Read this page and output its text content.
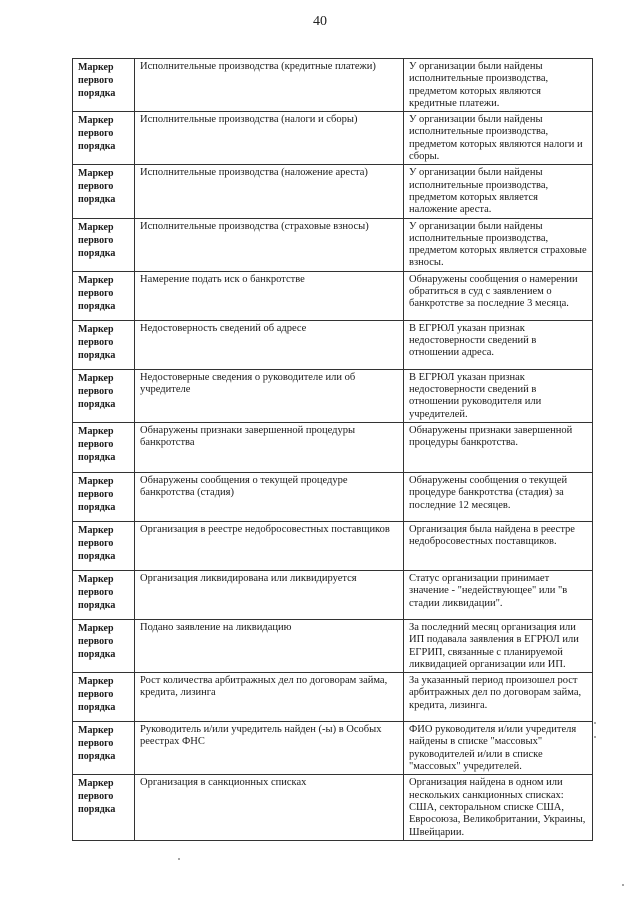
40
Маркер первого порядка	Исполнительные производства (кредитные платежи)	У организации были найдены исполнительные производства, предметом которых являются кредитные платежи.
Маркер первого порядка	Исполнительные производства (налоги и сборы)	У организации были найдены исполнительные производства, предметом которых являются налоги и сборы.
Маркер первого порядка	Исполнительные производства (наложение ареста)	У организации были найдены исполнительные производства, предметом которых является наложение ареста.
Маркер первого порядка	Исполнительные производства (страховые взносы)	У организации были найдены исполнительные производства, предметом которых является страховые взносы.
Маркер первого порядка	Намерение подать иск о банкротстве	Обнаружены сообщения о намерении обратиться в суд с заявлением о банкротстве за последние 3 месяца.
Маркер первого порядка	Недостоверность сведений об адресе	В ЕГРЮЛ указан признак недостоверности сведений в отношении адреса.
Маркер первого порядка	Недостоверные сведения о руководителе или об учредителе	В ЕГРЮЛ указан признак недостоверности сведений в отношении руководителя или учредителей.
Маркер первого порядка	Обнаружены признаки завершенной процедуры банкротства	Обнаружены признаки завершенной процедуры банкротства.
Маркер первого порядка	Обнаружены сообщения о текущей процедуре банкротства (стадия)	Обнаружены сообщения о текущей процедуре банкротства (стадия) за последние 12 месяцев.
Маркер первого порядка	Организация в реестре недобросовестных поставщиков	Организация была найдена в реестре недобросовестных поставщиков.
Маркер первого порядка	Организация ликвидирована или ликвидируется	Статус организации принимает значение - "недействующее" или "в стадии ликвидации".
Маркер первого порядка	Подано заявление на ликвидацию	За последний месяц организация или ИП подавала заявления в ЕГРЮЛ или ЕГРИП, связанные с планируемой ликвидацией организации или ИП.
Маркер первого порядка	Рост количества арбитражных дел по договорам займа, кредита, лизинга	За указанный период произошел рост арбитражных дел по договорам займа, кредита, лизинга.
Маркер первого порядка	Руководитель и/или учредитель найден (-ы) в Особых реестрах ФНС	ФИО руководителя и/или учредителя найдены в списке "массовых" руководителей и/или в списке "массовых" учредителей.
Маркер первого порядка	Организация в санкционных списках	Организация найдена в одном или нескольких санкционных списках: США, секторальном списке США, Евросоюза, Великобритании, Украины, Швейцарии.
